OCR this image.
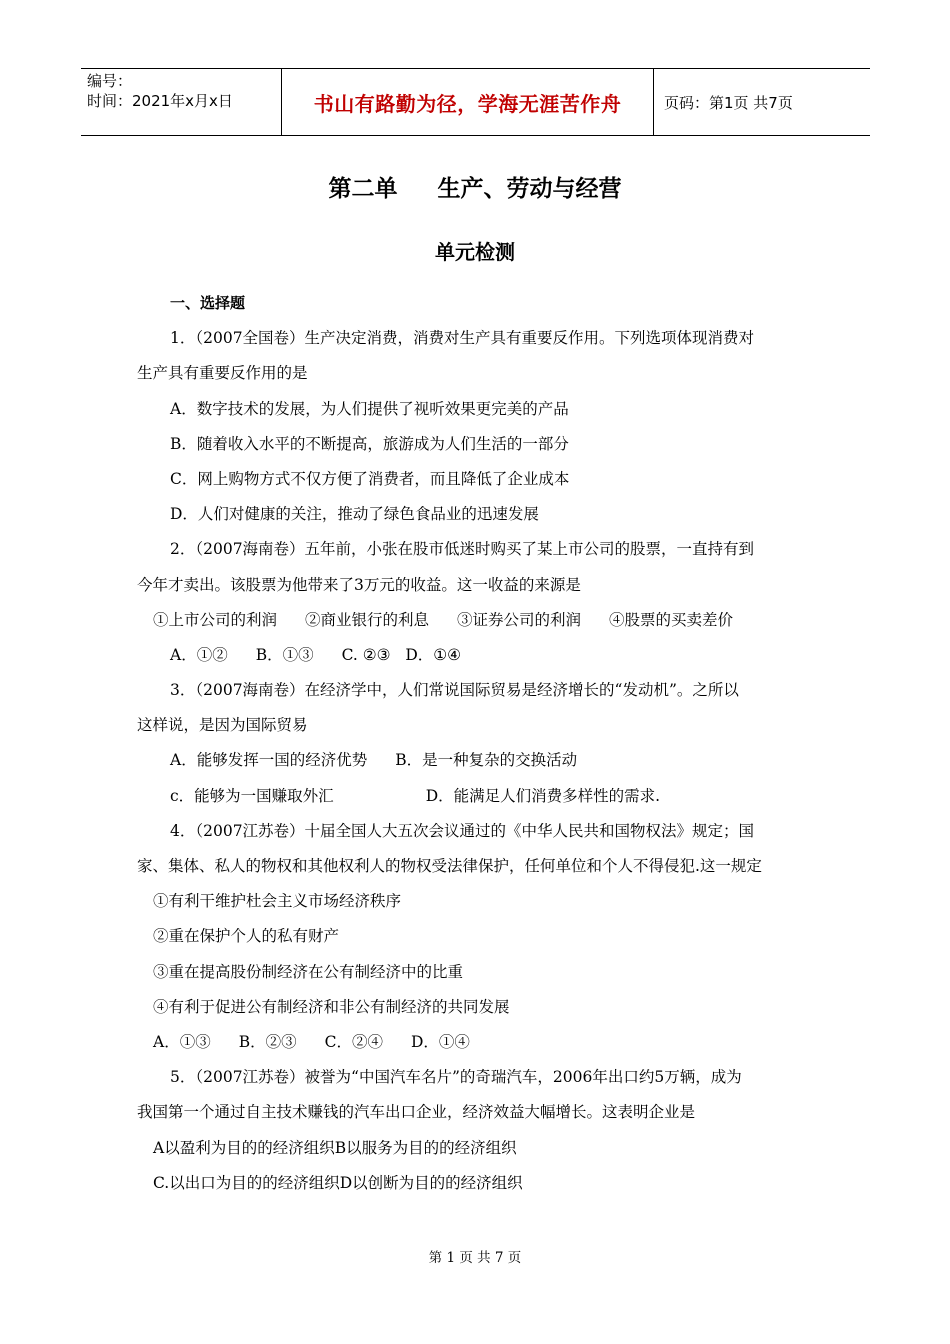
编号：
时间：2021年x月x日	书山有路勤为径，学海无涯苦作舟	页码：第1页 共7页
第二单 生产、劳动与经营
单元检测
一、选择题
1．（2007全国卷）生产决定消费，消费对生产具有重要反作用。下列选项体现消费对
生产具有重要反作用的是
A．数字技术的发展，为人们提供了视听效果更完美的产品
B．随着收入水平的不断提高，旅游成为人们生活的一部分
C．网上购物方式不仅方便了消费者，而且降低了企业成本
D．人们对健康的关注，推动了绿色食品业的迅速发展
2．（2007海南卷）五年前，小张在股市低迷时购买了某上市公司的股票，一直持有到
今年才卖出。该股票为他带来了3万元的收益。这一收益的来源是
①上市公司的利润 ②商业银行的利息 ③证券公司的利润 ④股票的买卖差价
A．①② B．①③ C. ②③ D．①④
3．（2007海南卷）在经济学中，人们常说国际贸易是经济增长的“发动机”。之所以
这样说，是因为国际贸易
A．能够发挥一国的经济优势 B．是一种复杂的交换活动
c．能够为一国赚取外汇	D．能满足人们消费多样性的需求.
4．（2007江苏卷）十届全国人大五次会议通过的《中华人民共和国物权法》规定；国
家、集体、私人的物权和其他权利人的物权受法律保护，任何单位和个人不得侵犯.这一规定
①有利干维护杜会主义市场经济秩序
②重在保护个人的私有财产
③重在提高股份制经济在公有制经济中的比重
④有利于促进公有制经济和非公有制经济的共同发展
A．①③ B．②③ C．②④ D．①④
5．（2007江苏卷）被誉为“中国汽车名片”的奇瑞汽车，2006年出口约5万辆，成为
我国第一个通过自主技术赚钱的汽车出口企业，经济效益大幅增长。这表明企业是
A以盈利为目的的经济组织B以服务为目的的经济组织
C.以出口为目的的经济组织D以创断为目的的经济组织
第 1 页 共 7 页
